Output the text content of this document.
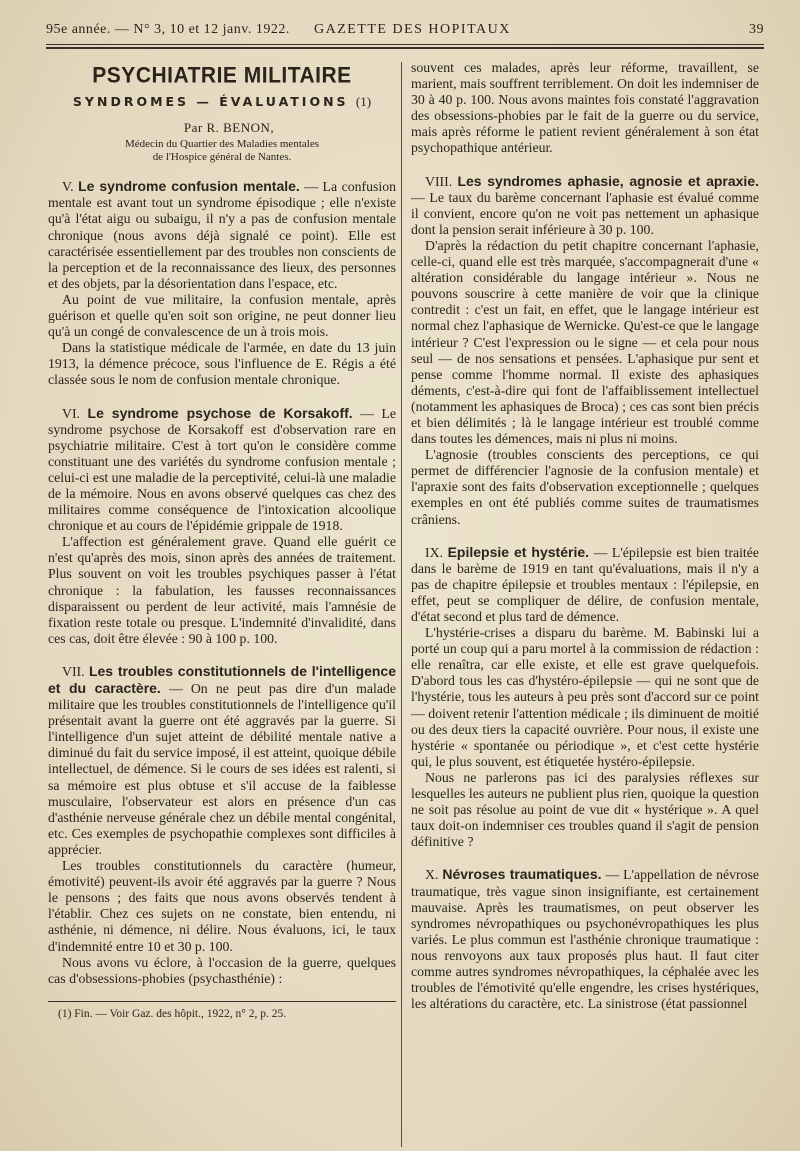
95e année. — N° 3, 10 et 12 janv. 1922. GAZETTE DES HOPITAUX	39
PSYCHIATRIE MILITAIRE
SYNDROMES — ÉVALUATIONS (1)

Par R. BENON,

Médecin du Quartier des Maladies mentales
de l'Hospice général de Nantes.

V. Le syndrome confusion mentale. — La confusion mentale est avant tout un syndrome épisodique ; elle n'existe qu'à l'état aigu ou subaigu, il n'y a pas de confusion mentale chronique (nous avons déjà signalé ce point). Elle est caractérisée essentiellement par des troubles non conscients de la perception et de la reconnaissance des lieux, des personnes et des objets, par la désorientation dans l'espace, etc.

Au point de vue militaire, la confusion mentale, après guérison et quelle qu'en soit son origine, ne peut donner lieu qu'à un congé de convalescence de un à trois mois.

Dans la statistique médicale de l'armée, en date du 13 juin 1913, la démence précoce, sous l'influence de E. Régis a été classée sous le nom de confusion mentale chronique.

VI. Le syndrome psychose de Korsakoff. — Le syndrome psychose de Korsakoff est d'observation rare en psychiatrie militaire. C'est à tort qu'on le considère comme constituant une des variétés du syndrome confusion mentale ; celui-ci est une maladie de la perceptivité, celui-là une maladie de la mémoire. Nous en avons observé quelques cas chez des militaires comme conséquence de l'intoxication alcoolique chronique et au cours de l'épidémie grippale de 1918.

L'affection est généralement grave. Quand elle guérit ce n'est qu'après des mois, sinon après des années de traitement. Plus souvent on voit les troubles psychiques passer à l'état chronique : la fabulation, les fausses reconnaissances disparaissent ou perdent de leur activité, mais l'amnésie de fixation reste totale ou presque. L'indemnité d'invalidité, dans ces cas, doit être élevée : 90 à 100 p. 100.

VII. Les troubles constitutionnels de l'intelligence et du caractère. — On ne peut pas dire d'un malade militaire que les troubles constitutionnels de l'intelligence qu'il présentait avant la guerre ont été aggravés par la guerre. Si l'intelligence d'un sujet atteint de débilité mentale native a diminué du fait du service imposé, il est atteint, quoique débile intellectuel, de démence. Si le cours de ses idées est ralenti, si sa mémoire est plus obtuse et s'il accuse de la faiblesse musculaire, l'observateur est alors en présence d'un cas d'asthénie nerveuse générale chez un débile mental congénital, etc. Ces exemples de psychopathie complexes sont difficiles à apprécier.

Les troubles constitutionnels du caractère (humeur, émotivité) peuvent-ils avoir été aggravés par la guerre ? Nous le pensons ; des faits que nous avons observés tendent à l'établir. Chez ces sujets on ne constate, bien entendu, ni asthénie, ni démence, ni délire. Nous évaluons, ici, le taux d'indemnité entre 10 et 30 p. 100.

Nous avons vu éclore, à l'occasion de la guerre, quelques cas d'obsessions-phobies (psychasthénie) :

(1) Fin. — Voir Gaz. des hôpit., 1922, n° 2, p. 25.

souvent ces malades, après leur réforme, travaillent, se marient, mais souffrent terriblement. On doit les indemniser de 30 à 40 p. 100. Nous avons maintes fois constaté l'aggravation des obsessions-phobies par le fait de la guerre ou du service, mais après réforme le patient revient généralement à son état psychopathique antérieur.

VIII. Les syndromes aphasie, agnosie et apraxie. — Le taux du barème concernant l'aphasie est évalué comme il convient, encore qu'on ne voit pas nettement un aphasique dont la pension serait inférieure à 30 p. 100.

D'après la rédaction du petit chapitre concernant l'aphasie, celle-ci, quand elle est très marquée, s'accompagnerait d'une « altération considérable du langage intérieur ». Nous ne pouvons souscrire à cette manière de voir que la clinique contredit : c'est un fait, en effet, que le langage intérieur est normal chez l'aphasique de Wernicke. Qu'est-ce que le langage intérieur ? C'est l'expression ou le signe — et cela pour nous seul — de nos sensations et pensées. L'aphasique pur sent et pense comme l'homme normal. Il existe des aphasiques déments, c'est-à-dire qui font de l'affaiblissement intellectuel (notamment les aphasiques de Broca) ; ces cas sont bien précis et bien délimités ; là le langage intérieur est troublé comme dans toutes les démences, mais ni plus ni moins.

L'agnosie (troubles conscients des perceptions, ce qui permet de différencier l'agnosie de la confusion mentale) et l'apraxie sont des faits d'observation exceptionnelle ; quelques exemples en ont été publiés comme suites de traumatismes crâniens.

IX. Epilepsie et hystérie. — L'épilepsie est bien traitée dans le barème de 1919 en tant qu'évaluations, mais il n'y a pas de chapitre épilepsie et troubles mentaux : l'épilepsie, en effet, peut se compliquer de délire, de confusion mentale, d'état second et plus tard de démence.

L'hystérie-crises a disparu du barème. M. Babinski lui a porté un coup qui a paru mortel à la commission de rédaction : elle renaîtra, car elle existe, et elle est grave quelquefois. D'abord tous les cas d'hystéro-épilepsie — qui ne sont que de l'hystérie, tous les auteurs à peu près sont d'accord sur ce point — doivent retenir l'attention médicale ; ils diminuent de moitié ou des deux tiers la capacité ouvrière. Pour nous, il existe une hystérie « spontanée ou périodique », et c'est cette hystérie qui, le plus souvent, est étiquetée hystéro-épilepsie.

Nous ne parlerons pas ici des paralysies réflexes sur lesquelles les auteurs ne publient plus rien, quoique la question ne soit pas résolue au point de vue dit « hystérique ». A quel taux doit-on indemniser ces troubles quand il s'agit de pension définitive ?

X. Névroses traumatiques. — L'appellation de névrose traumatique, très vague sinon insignifiante, est certainement mauvaise. Après les traumatismes, on peut observer les syndromes névropathiques ou psychonévropathiques les plus variés. Le plus commun est l'asthénie chronique traumatique : nous renvoyons aux taux proposés plus haut. Il faut citer comme autres syndromes névropathiques, la céphalée avec les troubles de l'émotivité qu'elle engendre, les crises hystériques, les altérations du caractère, etc. La sinistrose (état passionnel
